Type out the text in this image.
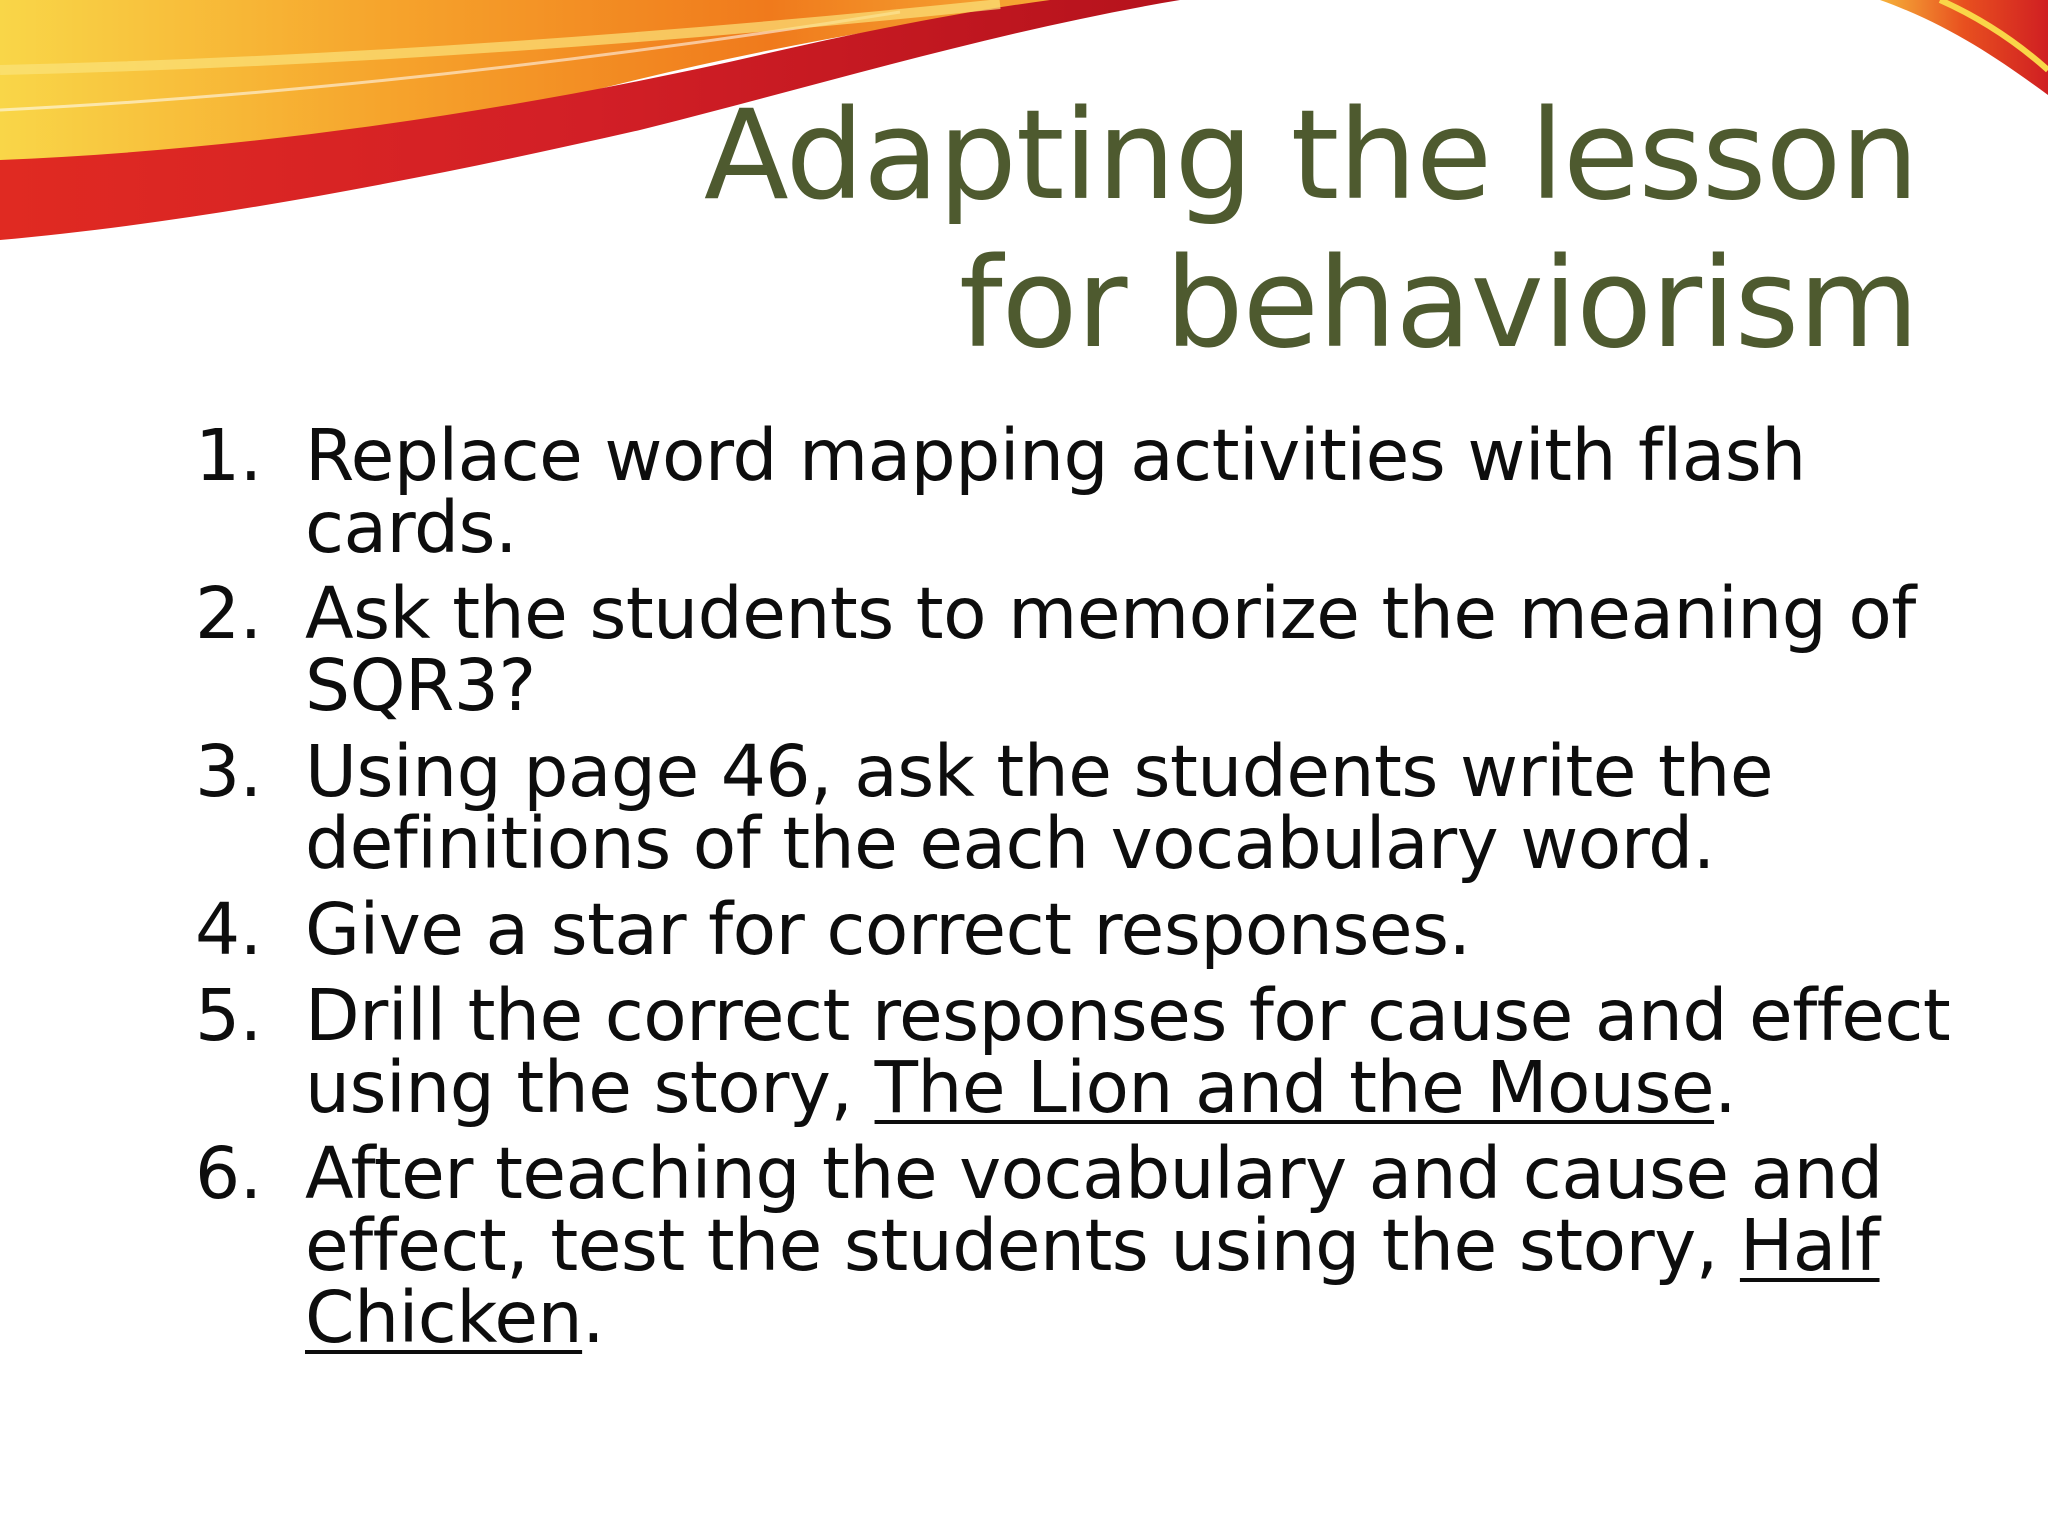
Adapting the lesson
for behaviorism
1. Replace word mapping activities with flash cards.
2. Ask the students to memorize the meaning of SQR3?
3. Using page 46, ask the students write the definitions of the each vocabulary word.
4. Give a star for correct responses.
5. Drill the correct responses for cause and effect using the story, The Lion and the Mouse.
6. After teaching the vocabulary and cause and effect, test the students using the story, Half Chicken.
